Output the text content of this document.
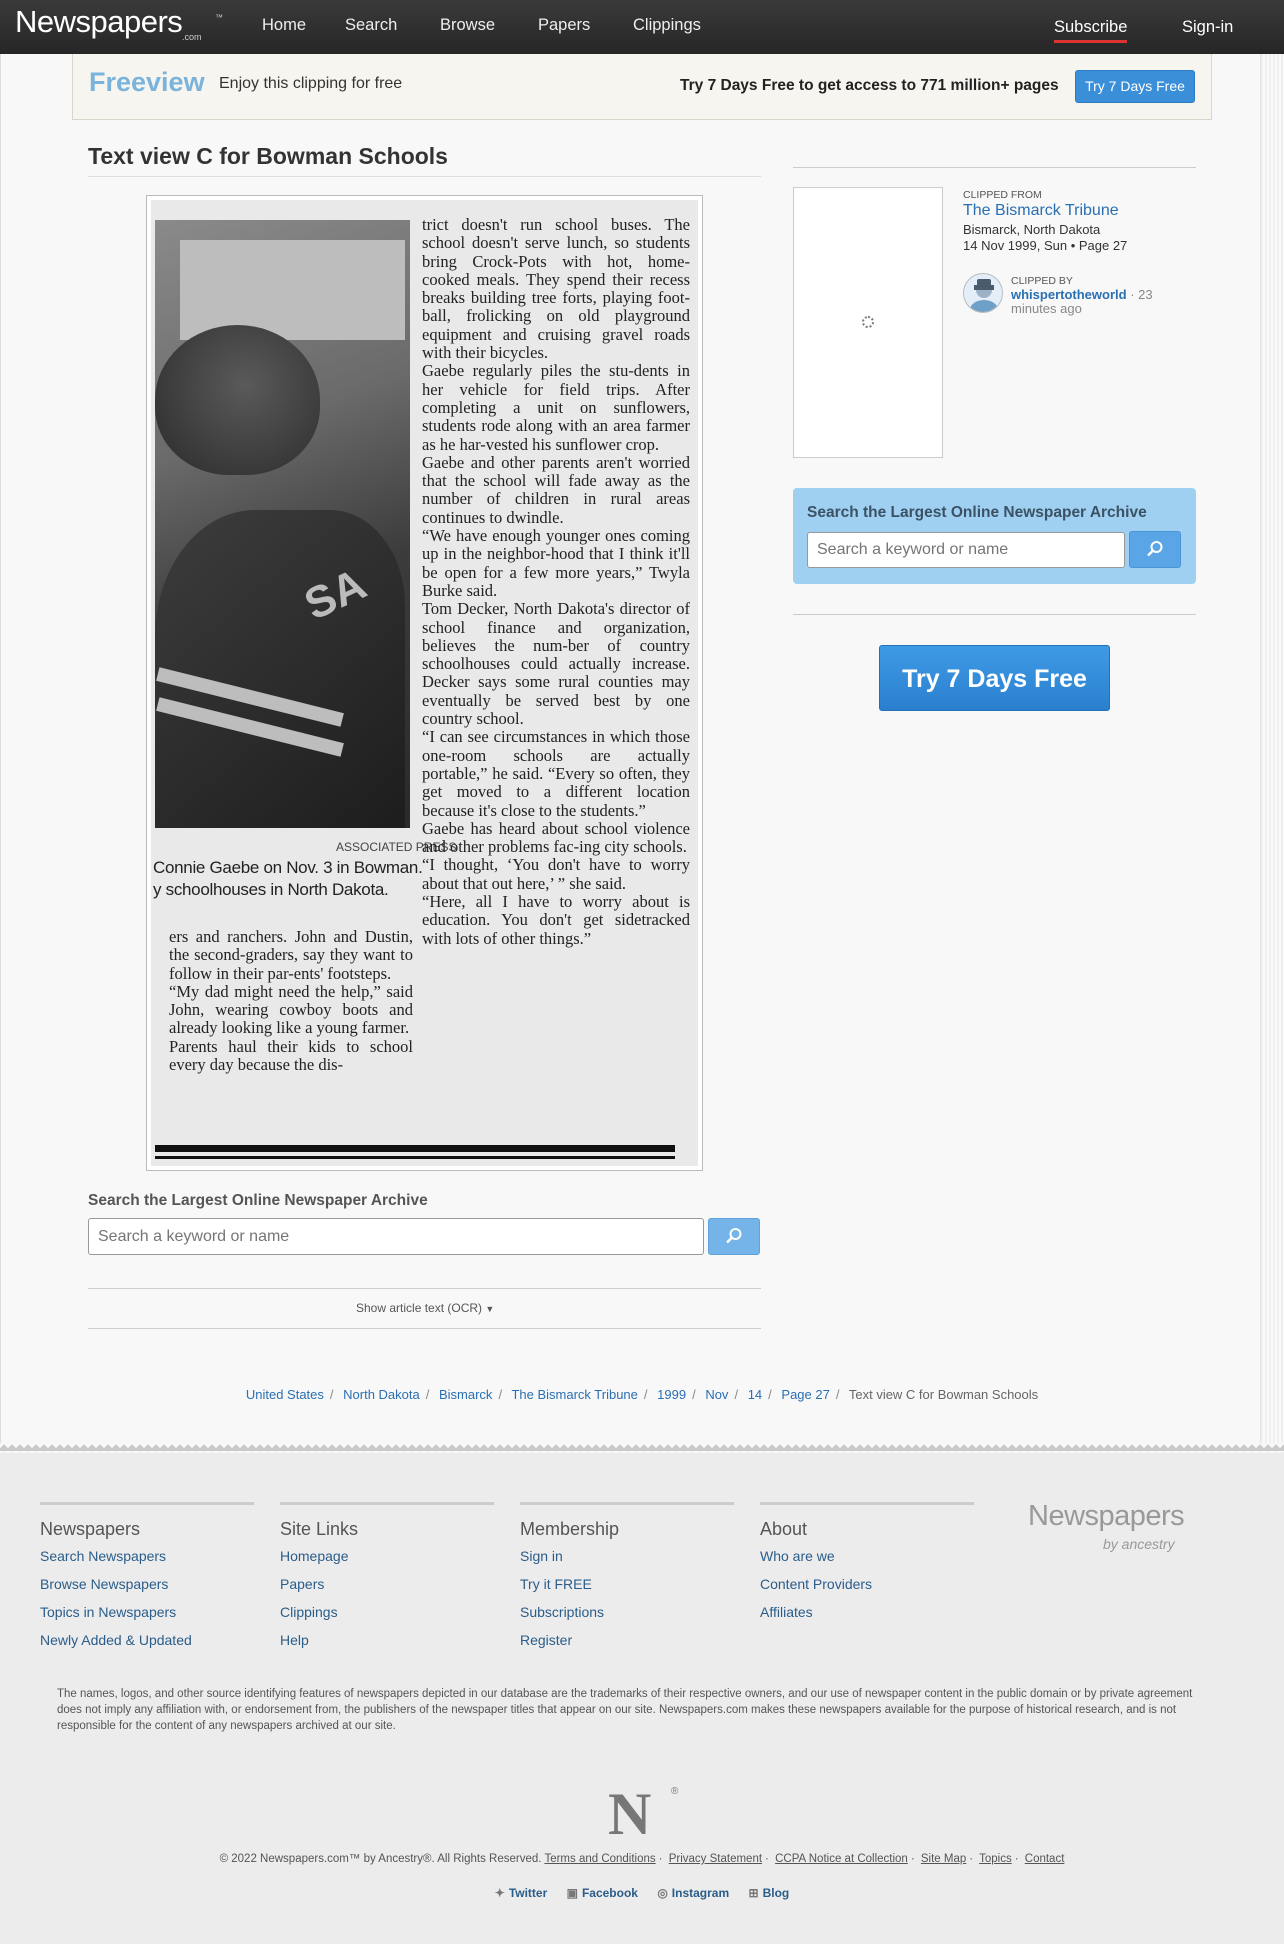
Newspapers .com
™ Home Search	Browse	Papers	Clippings	Subscribe	Sign-in
Freeview Enjoy this clipping for free	Try 7 Days Free to get access to 771 million+ pages	Try 7 Days Free
Text view C for Bowman Schools
SA
ASSOCIATED PRESS
Connie Gaebe on Nov. 3 in Bowman.
y schoolhouses in North Dakota.
trict doesn't run school buses. The school doesn't serve lunch, so students bring Crock-Pots with hot, home-cooked meals. They spend their recess breaks building tree forts, playing foot-ball, frolicking on old playground equipment and cruising gravel roads with their bicycles.
Gaebe regularly piles the stu-dents in her vehicle for field trips. After completing a unit on sunflowers, students rode along with an area farmer as he har-vested his sunflower crop.
Gaebe and other parents aren't worried that the school will fade away as the number of children in rural areas continues to dwindle.
“We have enough younger ones coming up in the neighbor-hood that I think it'll be open for a few more years,” Twyla Burke said.
Tom Decker, North Dakota's director of school finance and organization, believes the num-ber of country schoolhouses could actually increase. Decker says some rural counties may eventually be served best by one country school.
“I can see circumstances in which those one-room schools are actually portable,” he said. “Every so often, they get moved to a different location because it's close to the students.”
Gaebe has heard about school violence and other problems fac-ing city schools.
“I thought, ‘You don't have to worry about that out here,’ ” she said.
“Here, all I have to worry about is education. You don't get sidetracked with lots of other things.”
ers and ranchers. John and Dustin, the second-graders, say they want to follow in their par-ents' footsteps.
“My dad might need the help,” said John, wearing cowboy boots and already looking like a young farmer.
Parents haul their kids to school every day because the dis-
Search the Largest Online Newspaper Archive
Search a keyword or name
Show article text (OCR) ▼
United States / North Dakota / Bismarck / The Bismarck Tribune / 1999 / Nov / 14 / Page 27 / Text view C for Bowman Schools
CLIPPED FROM
The Bismarck Tribune
Bismarck, North Dakota
14 Nov 1999, Sun • Page 27
CLIPPED BY
whispertotheworld · 23 minutes ago
Search the Largest Online Newspaper Archive
Search a keyword or name
Try 7 Days Free
Newspapers
Search Newspapers
Browse Newspapers
Topics in Newspapers
Newly Added & Updated
Site Links
Homepage
Papers
Clippings
Help
Membership
Sign in
Try it FREE
Subscriptions
Register
About
Who are we
Content Providers
Affiliates
Newspapers
by ancestry
The names, logos, and other source identifying features of newspapers depicted in our database are the trademarks of their respective owners, and our use of newspaper content in the public domain or by private agreement does not imply any affiliation with, or endorsement from, the publishers of the newspaper titles that appear on our site. Newspapers.com makes these newspapers available for the purpose of historical research, and is not responsible for the content of any newspapers archived at our site.
N ®
© 2022 Newspapers.com™ by Ancestry®. All Rights Reserved. Terms and Conditions · Privacy Statement · CCPA Notice at Collection · Site Map · Topics · Contact
✦ Twitter ▣ Facebook ◎ Instagram ⊞ Blog
